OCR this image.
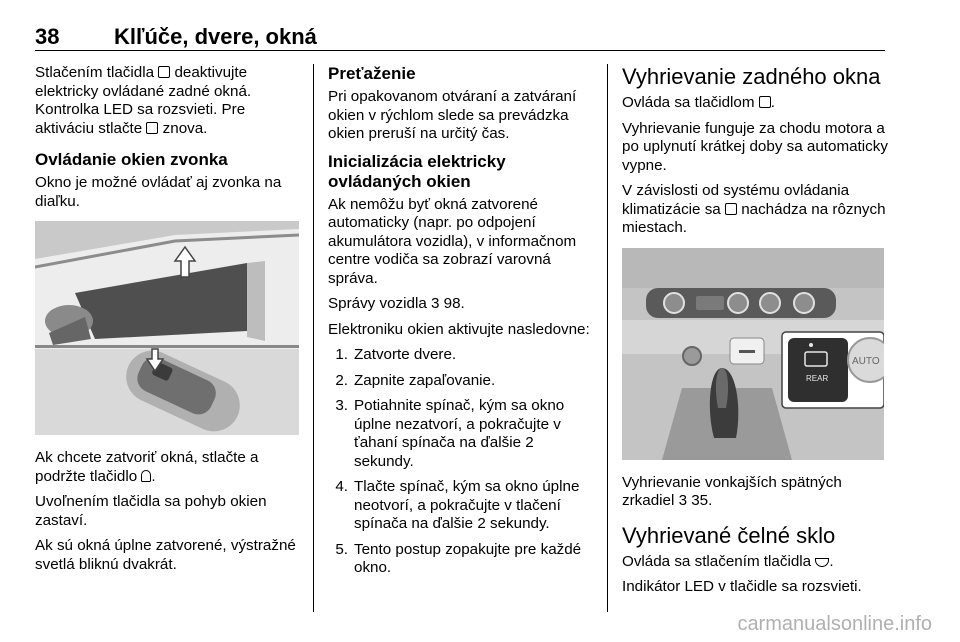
38 Klľúče, dvere, okná

Stlačením tlačidla  deaktivujte elektricky ovládané zadné okná. Kontrolka LED sa rozsvieti. Pre aktiváciu stlačte  znova.

Ovládanie okien zvonka

Okno je možné ovládať aj zvonka na diaľku.

Ak chcete zatvoriť okná, stlačte a podržte tlačidlo .

Uvoľnením tlačidla sa pohyb okien zastaví.

Ak sú okná úplne zatvorené, výstražné svetlá bliknú dvakrát.

Preťaženie

Pri opakovanom otváraní a zatváraní okien v rýchlom slede sa prevádzka okien preruší na určitý čas.

Inicializácia elektricky ovládaných okien

Ak nemôžu byť okná zatvorené automaticky (napr. po odpojení akumulátora vozidla), v informačnom centre vodiča sa zobrazí varovná správa.

Správy vozidla 3 98.

Elektroniku okien aktivujte nasledovne:

1. Zatvorte dvere.
2. Zapnite zapaľovanie.
3. Potiahnite spínač, kým sa okno úplne nezatvorí, a pokračujte v ťahaní spínača na ďalšie 2 sekundy.
4. Tlačte spínač, kým sa okno úplne neotvorí, a pokračujte v tlačení spínača na ďalšie 2 sekundy.
5. Tento postup zopakujte pre každé okno.
Vyhrievanie zadného okna

Ovláda sa tlačidlom .

Vyhrievanie funguje za chodu motora a po uplynutí krátkej doby sa automaticky vypne.

V závislosti od systému ovládania klimatizácie sa  nachádza na rôznych miestach.

REAR
AUTO

Vyhrievanie vonkajších spätných zrkadiel 3 35.

Vyhrievané čelné sklo

Ovláda sa stlačením tlačidla .

Indikátor LED v tlačidle sa rozsvieti.

carmanualsonline.info
